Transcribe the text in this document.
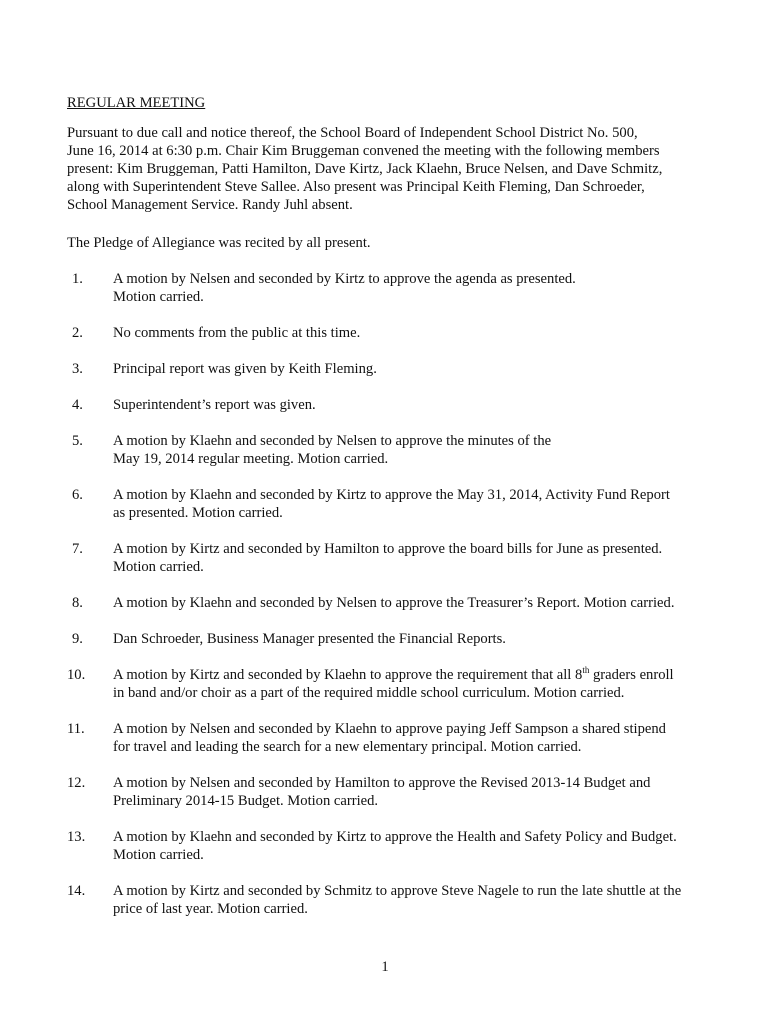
REGULAR MEETING

Pursuant to due call and notice thereof, the School Board of Independent School District No. 500,
June 16, 2014 at 6:30 p.m. Chair Kim Bruggeman convened the meeting with the following members
present: Kim Bruggeman, Patti Hamilton, Dave Kirtz, Jack Klaehn, Bruce Nelsen, and Dave Schmitz,
along with Superintendent Steve Sallee. Also present was Principal Keith Fleming, Dan Schroeder,
School Management Service. Randy Juhl absent.

The Pledge of Allegiance was recited by all present.

1. A motion by Nelsen and seconded by Kirtz to approve the agenda as presented.
Motion carried.
2. No comments from the public at this time.
3. Principal report was given by Keith Fleming.
4. Superintendent’s report was given.
5. A motion by Klaehn and seconded by Nelsen to approve the minutes of the
May 19, 2014 regular meeting. Motion carried.
6. A motion by Klaehn and seconded by Kirtz to approve the May 31, 2014, Activity Fund Report
as presented. Motion carried.
7. A motion by Kirtz and seconded by Hamilton to approve the board bills for June as presented.
Motion carried.
8. A motion by Klaehn and seconded by Nelsen to approve the Treasurer’s Report. Motion carried.
9. Dan Schroeder, Business Manager presented the Financial Reports.
10. A motion by Kirtz and seconded by Klaehn to approve the requirement that all 8th graders enroll
in band and/or choir as a part of the required middle school curriculum. Motion carried.
11. A motion by Nelsen and seconded by Klaehn to approve paying Jeff Sampson a shared stipend
for travel and leading the search for a new elementary principal. Motion carried.
12. A motion by Nelsen and seconded by Hamilton to approve the Revised 2013-14 Budget and
Preliminary 2014-15 Budget. Motion carried.
13. A motion by Klaehn and seconded by Kirtz to approve the Health and Safety Policy and Budget.
Motion carried.
14. A motion by Kirtz and seconded by Schmitz to approve Steve Nagele to run the late shuttle at the
price of last year. Motion carried.
1
